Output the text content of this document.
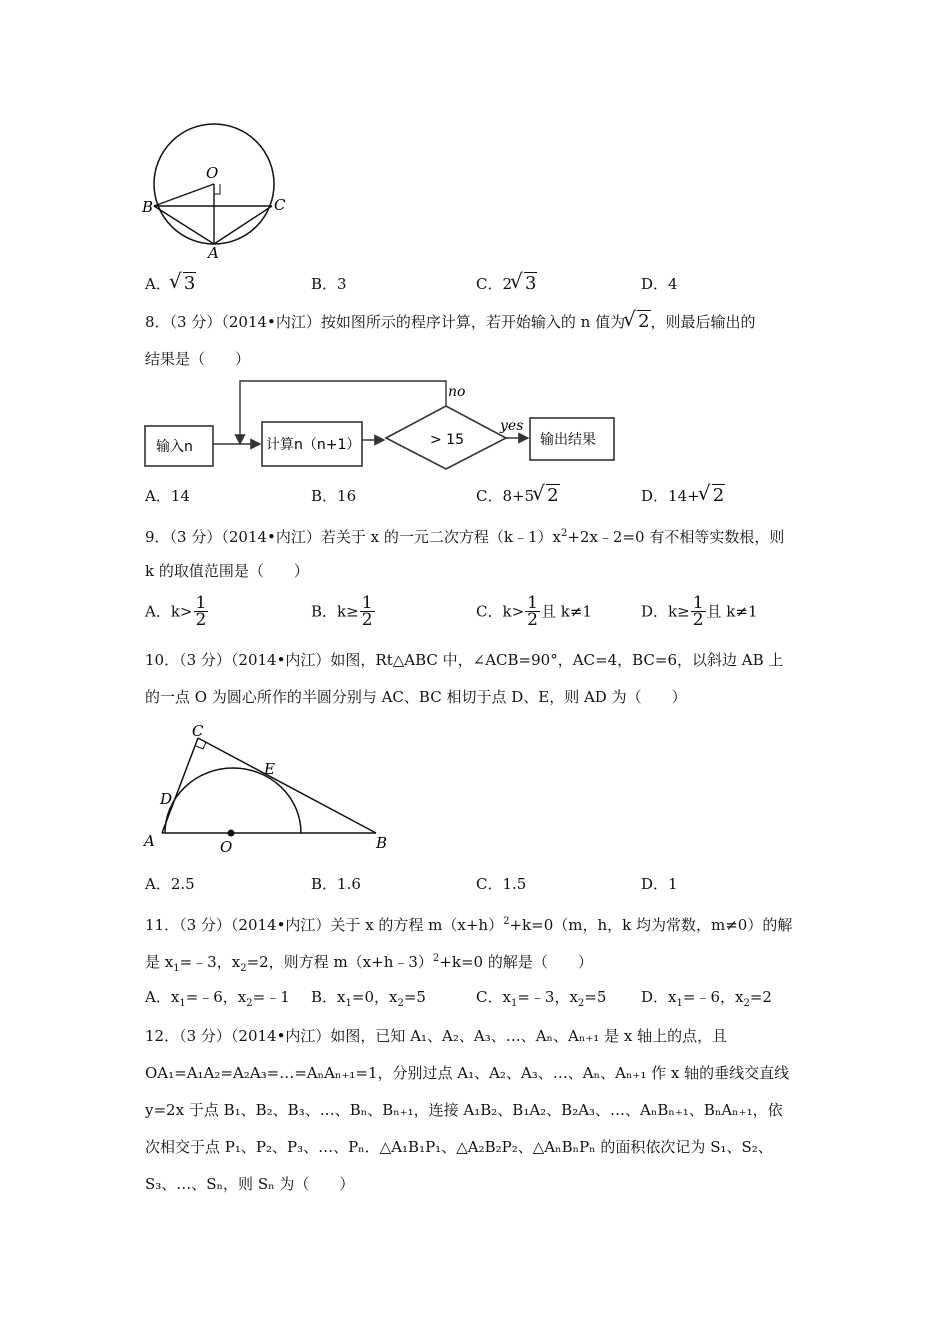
O
B	C
A
A． √ 3	B．3	C．2 √ 3	D．4
8．（3 分）（2014•内江）按如图所示的程序计算，若开始输入的 n 值为 √ 2，则最后输出的
结果是（　　）
输入n	计算n（n+1）	> 15
no
yes
输出结果
A．14	B．16	C．8+5 √ 2	D．14+ √ 2
9．（3 分）（2014•内江）若关于 x 的一元二次方程$(k﹣1)x^2+2x﹣2=0$ 有不相等实数根，则
k 的取值范围是（　　）
A．$k> \frac{1}{2}$	B．$k\ge \frac{1}{2}$	C．$k> \frac{1}{2}$ 且 k≠1	D．$k\ge \frac{1}{2}$ 且 k≠1
10．（3 分）（2014•内江）如图，Rt△ABC 中，∠ACB=90°，AC=4，BC=6，以斜边 AB 上
的一点 O 为圆心所作的半圆分别与 AC、BC 相切于点 D、E，则 AD 为（　　）
C
E
D
A	O	B
A．2.5	B．1.6	C．1.5	D．1
11．（3 分）（2014•内江）关于 x 的方程 $m(x+h)^2+k=0(m$，h，k 均为常数，m≠0）的解
是 $x_1=﹣3$，$x_2=2$，则方程 m（x+h﹣3）$^2$+k=0 的解是（　　）
A．$x_1=﹣6$，$x_2=﹣1$ B．$x_1=0$，$x_2=5$	C．$x_1=﹣3$，$x_2=5$ D．$x_1=﹣6$，$x_2=2$
12．（3 分）（2014•内江）如图，已知 A₁、A₂、A₃、…、Aₙ、Aₙ₊₁ 是 x 轴上的点，且
OA₁=A₁A₂=A₂A₃=…=AₙAₙ₊₁=1，分别过点 A₁、A₂、A₃、…、Aₙ、Aₙ₊₁ 作 x 轴的垂线交直线
y=2x 于点 B₁、B₂、B₃、…、Bₙ、Bₙ₊₁，连接 A₁B₂、B₁A₂、B₂A₃、…、AₙBₙ₊₁、BₙAₙ₊₁，依
次相交于点 P₁、P₂、P₃、…、Pₙ．△A₁B₁P₁、△A₂B₂P₂、△AₙBₙPₙ 的面积依次记为 S₁、S₂、
S₃、…、Sₙ，则 Sₙ 为（　　）
